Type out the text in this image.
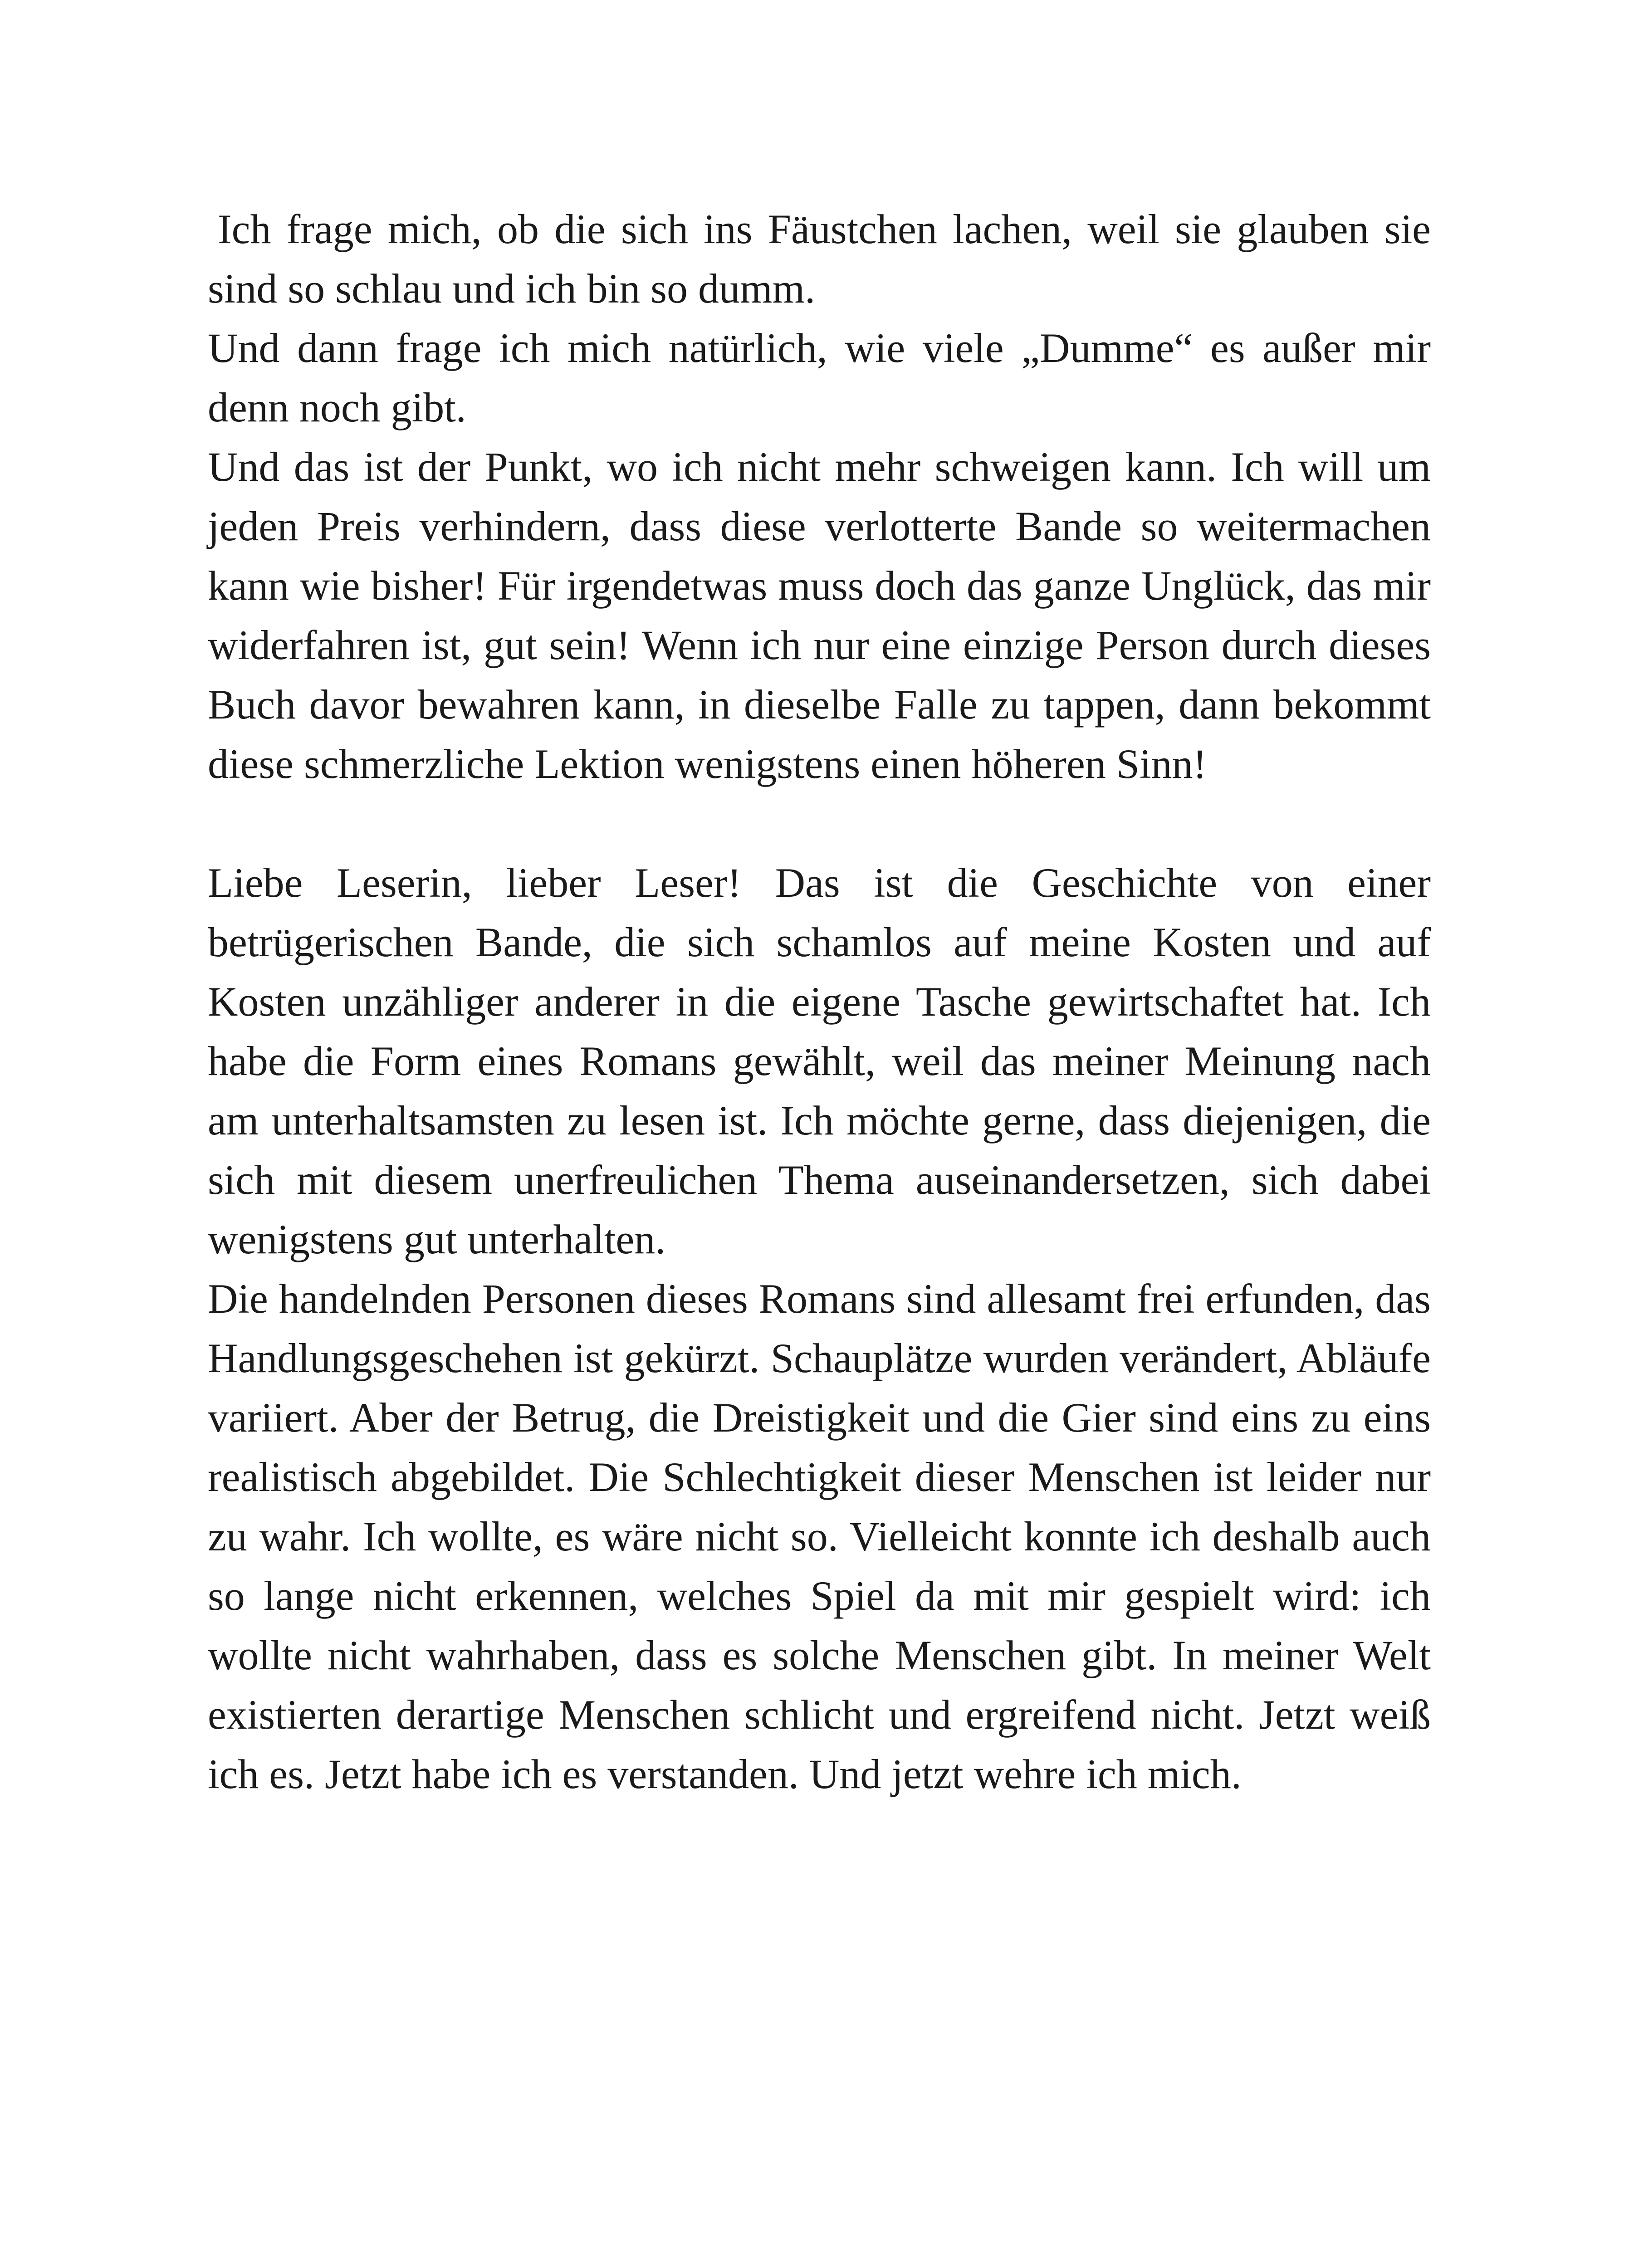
Ich frage mich, ob die sich ins Fäustchen lachen, weil sie glauben sie sind so schlau und ich bin so dumm.

Und dann frage ich mich natürlich, wie viele „Dumme“ es außer mir denn noch gibt.

Und das ist der Punkt, wo ich nicht mehr schweigen kann. Ich will um jeden Preis verhindern, dass diese verlotterte Bande so weitermachen kann wie bisher! Für irgendetwas muss doch das ganze Unglück, das mir widerfahren ist, gut sein! Wenn ich nur eine einzige Person durch dieses Buch davor bewahren kann, in dieselbe Falle zu tappen, dann bekommt diese schmerzliche Lektion wenigstens einen höheren Sinn!

Liebe Leserin, lieber Leser! Das ist die Geschichte von einer betrügerischen Bande, die sich schamlos auf meine Kosten und auf Kosten unzähliger anderer in die eigene Tasche gewirtschaftet hat. Ich habe die Form eines Romans gewählt, weil das meiner Meinung nach am unterhaltsamsten zu lesen ist. Ich möchte gerne, dass diejenigen, die sich mit diesem unerfreulichen Thema auseinandersetzen, sich dabei wenigstens gut unterhalten.

Die handelnden Personen dieses Romans sind allesamt frei erfunden, das Handlungsgeschehen ist gekürzt. Schauplätze wurden verändert, Abläufe variiert. Aber der Betrug, die Dreistigkeit und die Gier sind eins zu eins realistisch abgebildet. Die Schlechtigkeit dieser Menschen ist leider nur zu wahr. Ich wollte, es wäre nicht so. Vielleicht konnte ich deshalb auch so lange nicht erkennen, welches Spiel da mit mir gespielt wird: ich wollte nicht wahrhaben, dass es solche Menschen gibt. In meiner Welt existierten derartige Menschen schlicht und ergreifend nicht. Jetzt weiß ich es. Jetzt habe ich es verstanden. Und jetzt wehre ich mich.
